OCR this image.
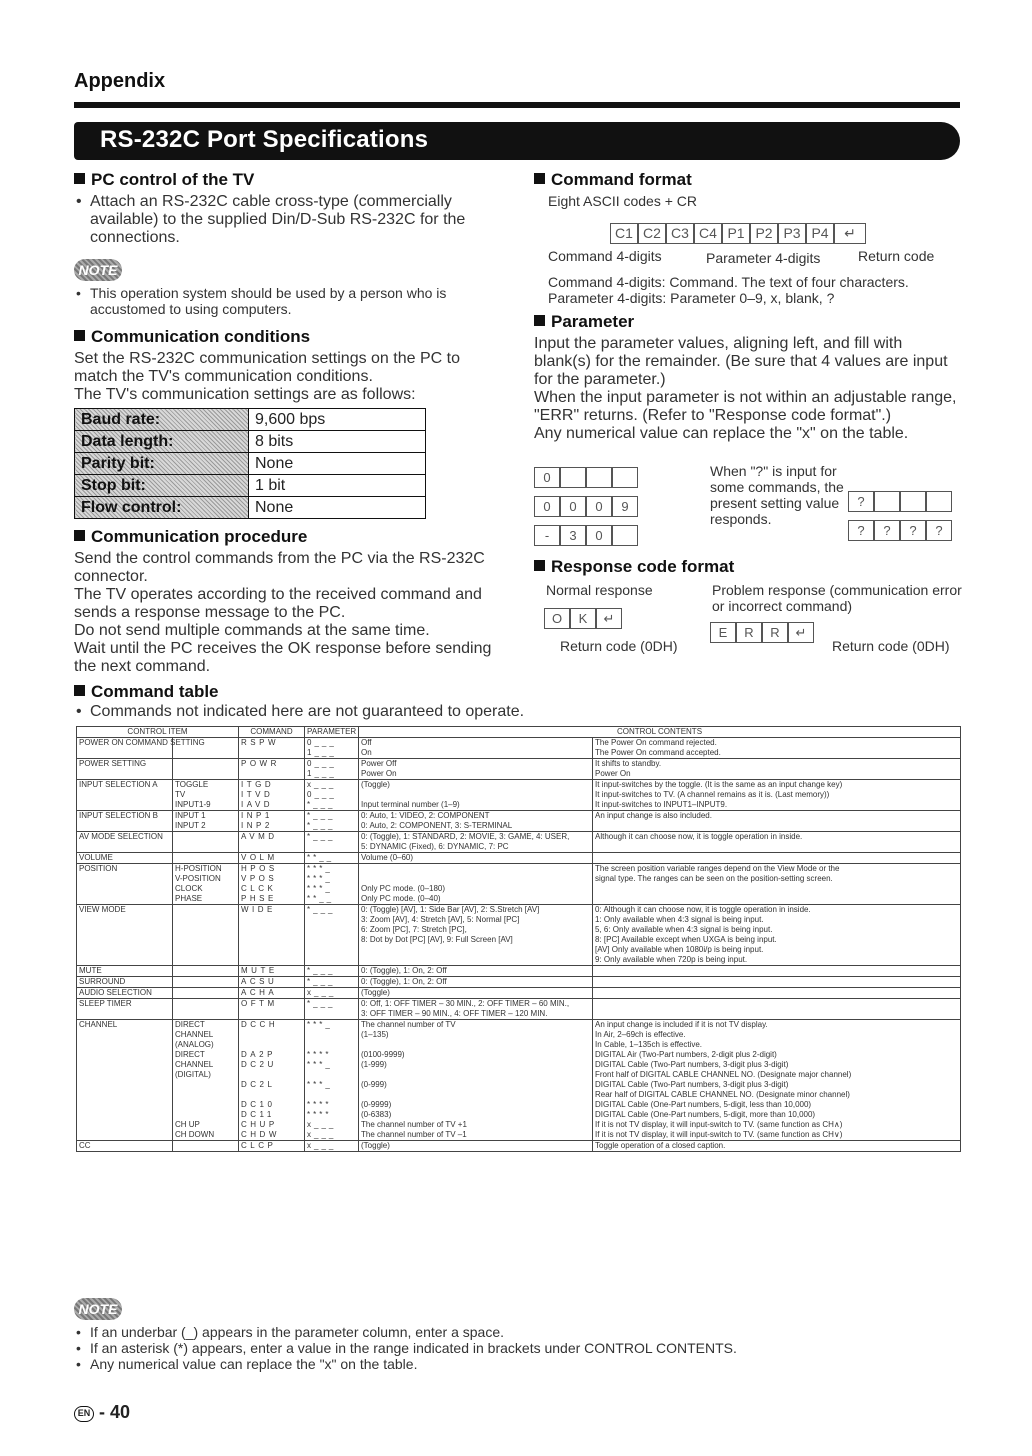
Appendix
RS-232C Port Specifications
PC control of the TV
• Attach an RS-232C cable cross-type (commercially available) to the supplied Din/D-Sub RS-232C for the connections.
NOTE
• This operation system should be used by a person who is accustomed to using computers.
Communication conditions
Set the RS-232C communication settings on the PC to match the TV's communication conditions.
The TV's communication settings are as follows:
Baud rate:	9,600 bps
Data length:	8 bits
Parity bit:	None
Stop bit:	1 bit
Flow control:	None
Communication procedure
Send the control commands from the PC via the RS-232C connector.
The TV operates according to the received command and sends a response message to the PC.
Do not send multiple commands at the same time.
Wait until the PC receives the OK response before sending the next command.
Command table
• Commands not indicated here are not guaranteed to operate.
Command format
Eight ASCII codes + CR
C1 C2 C3 C4 P1 P2 P3 P4	↵
Command 4-digits	Parameter 4-digits	Return code
Command 4-digits: Command. The text of four characters.
Parameter 4-digits: Parameter 0–9, x, blank, ?
Parameter
Input the parameter values, aligning left, and fill with blank(s) for the remainder. (Be sure that 4 values are input for the parameter.)
When the input parameter is not within an adjustable range, "ERR" returns. (Refer to "Response code format".)
Any numerical value can replace the "x" on the table.
0
0	0	0	9
-	3	0
When "?" is input for some commands, the present setting value responds.
?
?	?	?	?
Response code format
Normal response
O	K	↵
Return code (0DH)
Problem response (communication error or incorrect command)
E	R	R	↵
Return code (0DH)
CONTROL ITEM		COMMAND	PARAMETER	CONTROL CONTENTS	
POWER ON COMMAND SETTING		RSPW	0___	Off	The Power On command rejected.
			1___	On	The Power On command accepted.
POWER SETTING		POWR	0___	Power Off	It shifts to standby.
			1___	Power On	Power On
INPUT SELECTION A	TOGGLE	ITGD	x___	(Toggle)	It input-switches by the toggle. (It is the same as an input change key)
	TV	ITVD	0___		It input-switches to TV. (A channel remains as it is. (Last memory))
	INPUT1-9	IAVD	*___	Input terminal number (1–9)	It input-switches to INPUT1–INPUT9.
INPUT SELECTION B	INPUT 1	INP1	*___	0: Auto, 1: VIDEO, 2: COMPONENT	An input change is also included.
	INPUT 2	INP2	*___	0: Auto, 2: COMPONENT, 3: S-TERMINAL	
AV MODE SELECTION		AVMD	*___	0: (Toggle), 1: STANDARD, 2: MOVIE, 3: GAME, 4: USER,	Although it can choose now, it is toggle operation in inside.
				5: DYNAMIC (Fixed), 6: DYNAMIC, 7: PC	
VOLUME		VOLM	**__	Volume (0–60)	
POSITION	H-POSITION	HPOS	***_		The screen position variable ranges depend on the View Mode or the
	V-POSITION	VPOS	***_		signal type. The ranges can be seen on the position-setting screen.
	CLOCK	CLCK	***_	Only PC mode. (0–180)	
	PHASE	PHSE	**__	Only PC mode. (0–40)	
VIEW MODE		WIDE	*___	0: (Toggle) [AV], 1: Side Bar [AV], 2: S.Stretch [AV]	0: Although it can choose now, it is toggle operation in inside.
				3: Zoom [AV], 4: Stretch [AV], 5: Normal [PC]	1: Only available when 4:3 signal is being input.
				6: Zoom [PC], 7: Stretch [PC],	5, 6: Only available when 4:3 signal is being input.
				8: Dot by Dot [PC] [AV], 9: Full Screen [AV]	8: [PC] Available except when UXGA is being input.
					[AV] Only available when 1080i/p is being input.
					9: Only available when 720p is being input.

MUTE		MUTE	*___	0: (Toggle), 1: On, 2: Off	
SURROUND		ACSU	*___	0: (Toggle), 1: On, 2: Off	
AUDIO SELECTION		ACHA	x___	(Toggle)	
SLEEP TIMER		OFTM	*___	0: Off, 1: OFF TIMER – 30 MIN., 2: OFF TIMER – 60 MIN.,	
				3: OFF TIMER – 90 MIN., 4: OFF TIMER – 120 MIN.	
CHANNEL	DIRECT	DCCH	***_	The channel number of TV	An input change is included if it is not TV display.
	CHANNEL			(1–135)	In Air, 2–69ch is effective.
	(ANALOG)				In Cable, 1–135ch is effective.
	DIRECT	DA2P	****	(0100-9999)	DIGITAL Air (Two-Part numbers, 2-digit plus 2-digit)
	CHANNEL	DC2U	***_	(1-999)	DIGITAL Cable (Two-Part numbers, 3-digit plus 3-digit)
	(DIGITAL)				Front half of DIGITAL CABLE CHANNEL NO. (Designate major channel)
		DC2L	***_	(0-999)	DIGITAL Cable (Two-Part numbers, 3-digit plus 3-digit)
					Rear half of DIGITAL CABLE CHANNEL NO. (Designate minor channel)
		DC10	****	(0-9999)	DIGITAL Cable (One-Part numbers, 5-digit, less than 10,000)
		DC11	****	(0-6383)	DIGITAL Cable (One-Part numbers, 5-digit, more than 10,000)
	CH UP	CHUP	x___	The channel number of TV +1	If it is not TV display, it will input-switch to TV. (same function as CH∧)
	CH DOWN	CHDW	x___	The channel number of TV –1	If it is not TV display, it will input-switch to TV. (same function as CH∨)
CC		CLCP	x___	(Toggle)	Toggle operation of a closed caption.
NOTE
• If an underbar (_) appears in the parameter column, enter a space.
• If an asterisk (*) appears, enter a value in the range indicated in brackets under CONTROL CONTENTS.
• Any numerical value can replace the "x" on the table.
EN - 40
